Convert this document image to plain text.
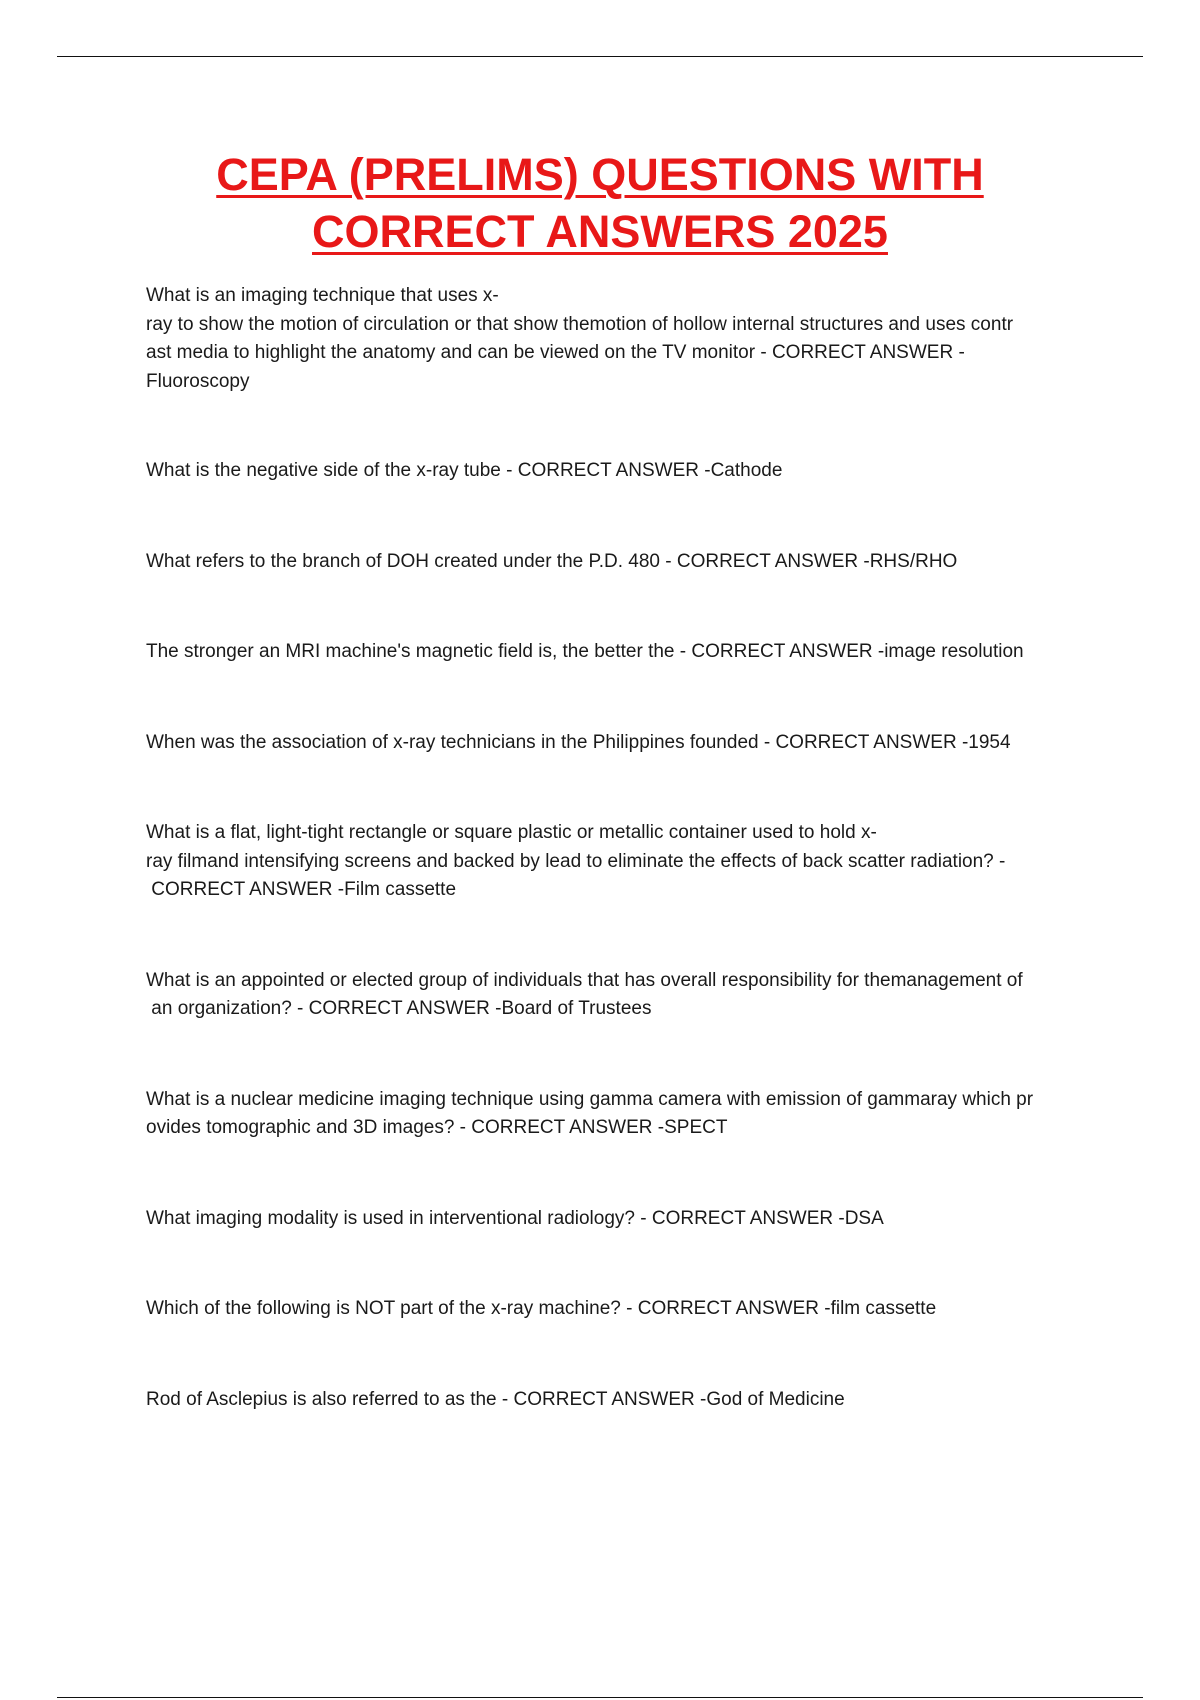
CEPA (PRELIMS) QUESTIONS WITH
CORRECT ANSWERS 2025

What is an imaging technique that uses x-
ray to show the motion of circulation or that show themotion of hollow internal structures and uses contr
ast media to highlight the anatomy and can be viewed on the TV monitor - CORRECT ANSWER -
Fluoroscopy

What is the negative side of the x-ray tube - CORRECT ANSWER -Cathode

What refers to the branch of DOH created under the P.D. 480 - CORRECT ANSWER -RHS/RHO

The stronger an MRI machine's magnetic field is, the better the - CORRECT ANSWER -image resolution

When was the association of x-ray technicians in the Philippines founded - CORRECT ANSWER -1954

What is a flat, light-tight rectangle or square plastic or metallic container used to hold x-
ray filmand intensifying screens and backed by lead to eliminate the effects of back scatter radiation? -
CORRECT ANSWER -Film cassette

What is an appointed or elected group of individuals that has overall responsibility for themanagement of
an organization? - CORRECT ANSWER -Board of Trustees

What is a nuclear medicine imaging technique using gamma camera with emission of gammaray which pr
ovides tomographic and 3D images? - CORRECT ANSWER -SPECT

What imaging modality is used in interventional radiology? - CORRECT ANSWER -DSA

Which of the following is NOT part of the x-ray machine? - CORRECT ANSWER -film cassette

Rod of Asclepius is also referred to as the - CORRECT ANSWER -God of Medicine
